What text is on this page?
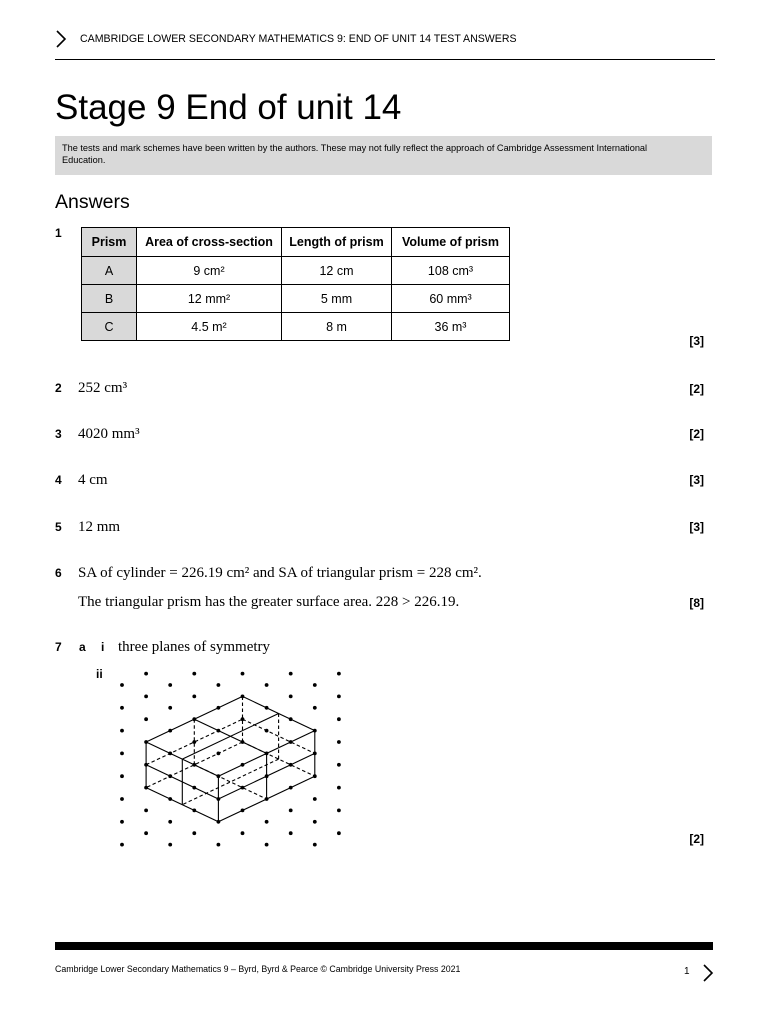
CAMBRIDGE LOWER SECONDARY MATHEMATICS 9: END OF UNIT 14 TEST ANSWERS
Stage 9 End of unit 14
The tests and mark schemes have been written by the authors. These may not fully reflect the approach of Cambridge Assessment International
Education.
Answers
1
Prism	Area of cross-section	Length of prism	Volume of prism
A	9 cm²	12 cm	108 cm³
B	12 mm²	5 mm	60 mm³
C	4.5 m²	8 m	36 m³
[3]
2 252 cm³	[2]
3 4020 mm³	[2]
4 4 cm	[3]
5 12 mm	[3]
6 SA of cylinder = 226.19 cm² and SA of triangular prism = 228 cm².
The triangular prism has the greater surface area. 228 > 226.19.	[8]
7 a i three planes of symmetry
ii
[2]
Cambridge Lower Secondary Mathematics 9 – Byrd, Byrd & Pearce © Cambridge University Press 2021	1
